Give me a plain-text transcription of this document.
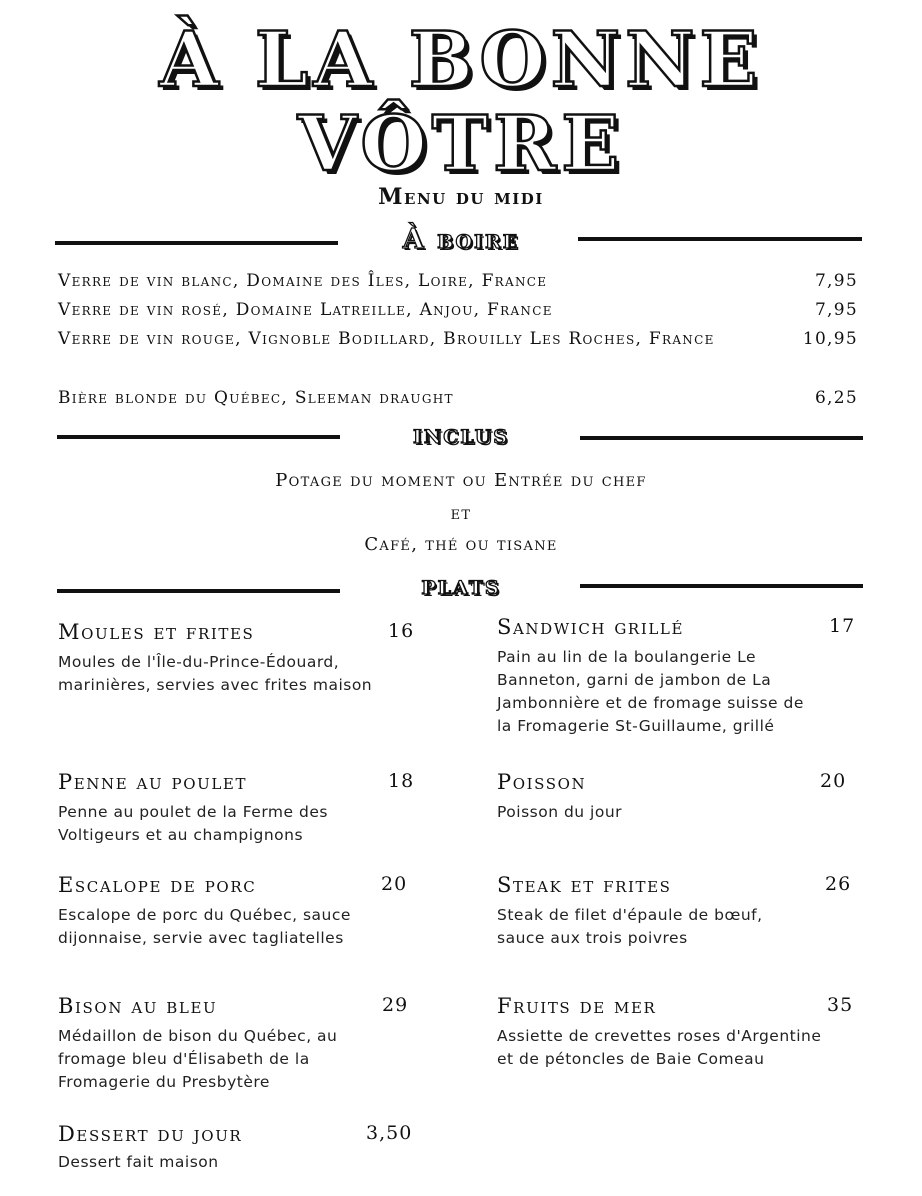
À LA BONNE
VÔTRE
Menu du midi
À boire
Verre de vin blanc, Domaine des Îles, Loire, France	7,95
Verre de vin rosé, Domaine Latreille, Anjou, France	7,95
Verre de vin rouge, Vignoble Bodillard, Brouilly Les Roches, France	10,95
Bière blonde du Québec, Sleeman draught	6,25
inclus
Potage du moment ou Entrée du chef
et
Café, thé ou tisane
plats
Moules et frites	16
Moules de l'Île-du-Prince-Édouard, marinières, servies avec frites maison
Penne au poulet	18
Penne au poulet de la Ferme des Voltigeurs et au champignons
Escalope de porc	20
Escalope de porc du Québec, sauce dijonnaise, servie avec tagliatelles
Bison au bleu	29
Médaillon de bison du Québec, au fromage bleu d'Élisabeth de la Fromagerie du Presbytère
Dessert du jour	3,50
Dessert fait maison
Sandwich grillé	17
Pain au lin de la boulangerie Le Banneton, garni de jambon de La Jambonnière et de fromage suisse de la Fromagerie St-Guillaume, grillé
Poisson	20
Poisson du jour
Steak et frites	26
Steak de filet d'épaule de bœuf, sauce aux trois poivres
Fruits de mer	35
Assiette de crevettes roses d'Argentine et de pétoncles de Baie Comeau
